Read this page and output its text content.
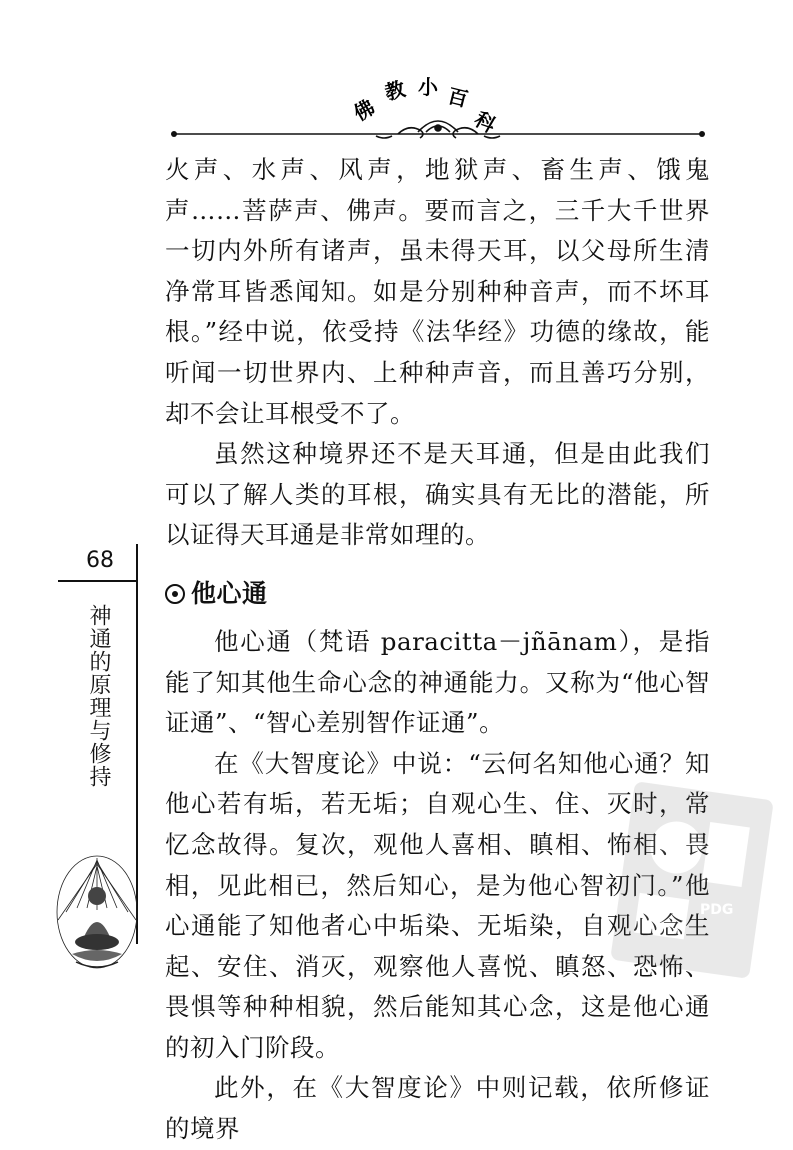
佛
教 小 百
科

火声、水声、风声，地狱声、畜生声、饿鬼声……菩萨声、佛声。要而言之，三千大千世界一切内外所有诸声，虽未得天耳，以父母所生清净常耳皆悉闻知。如是分别种种音声，而不坏耳根。”经中说，依受持《法华经》功德的缘故，能听闻一切世界内、上种种声音，而且善巧分别，却不会让耳根受不了。

虽然这种境界还不是天耳通，但是由此我们可以了解人类的耳根，确实具有无比的潜能，所以证得天耳通是非常如理的。

他心通

他心通（梵语 paracitta－jñānam），是指能了知其他生命心念的神通能力。又称为“他心智证通”、“智心差别智作证通”。

在《大智度论》中说：“云何名知他心通？知他心若有垢，若无垢；自观心生、住、灭时，常忆念故得。复次，观他人喜相、瞋相、怖相、畏相，见此相已，然后知心，是为他心智初门。”他心通能了知他者心中垢染、无垢染，自观心念生起、安住、消灭，观察他人喜悦、瞋怒、恐怖、畏惧等种种相貌，然后能知其心念，这是他心通的初入门阶段。

此外，在《大智度论》中则记载，依所修证的境界

68
神通的原理与修持
PDG
